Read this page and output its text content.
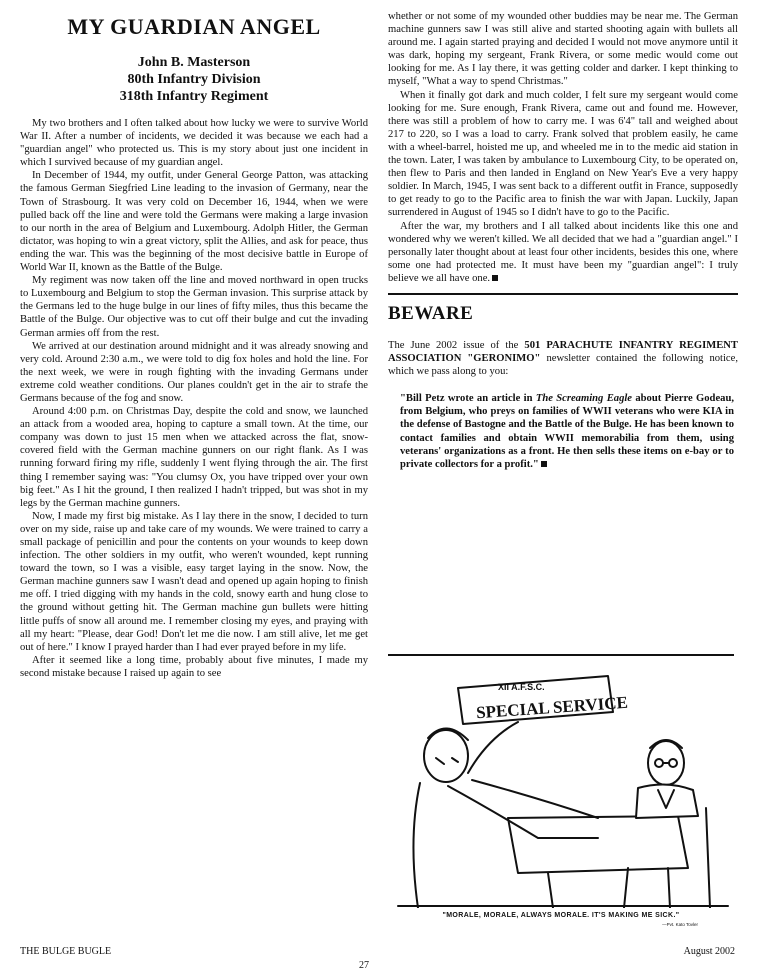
MY GUARDIAN ANGEL
John B. Masterson
80th Infantry Division
318th Infantry Regiment

My two brothers and I often talked about how lucky we were to survive World War II. After a number of incidents, we decided it was because we each had a "guardian angel" who protected us. This is my story about just one incident in which I survived because of my guardian angel.

In December of 1944, my outfit, under General George Patton, was attacking the famous German Siegfried Line leading to the invasion of Germany, near the Town of Strasbourg. It was very cold on December 16, 1944, when we were pulled back off the line and were told the Germans were making a large invasion to our north in the area of Belgium and Luxembourg. Adolph Hitler, the German dictator, was hoping to win a great victory, split the Allies, and ask for peace, thus ending the war. This was the beginning of the most decisive battle in Europe of World War II, known as the Battle of the Bulge.

My regiment was now taken off the line and moved northward in open trucks to Luxembourg and Belgium to stop the German invasion. This surprise attack by the Germans led to the huge bulge in our lines of fifty miles, thus this became the Battle of the Bulge. Our objective was to cut off their bulge and cut the invading German armies off from the rest.

We arrived at our destination around midnight and it was already snowing and very cold. Around 2:30 a.m., we were told to dig fox holes and hold the line. For the next week, we were in rough fighting with the invading Germans under extreme cold weather conditions. Our planes couldn't get in the air to strafe the Germans because of the fog and snow.

Around 4:00 p.m. on Christmas Day, despite the cold and snow, we launched an attack from a wooded area, hoping to capture a small town. At the time, our company was down to just 15 men when we attacked across the flat, snow-covered field with the German machine gunners on our right flank. As I was running forward firing my rifle, suddenly I went flying through the air. The first thing I remember saying was: "You clumsy Ox, you have tripped over your own big feet." As I hit the ground, I then realized I hadn't tripped, but was shot in my legs by the German machine gunners.

Now, I made my first big mistake. As I lay there in the snow, I decided to turn over on my side, raise up and take care of my wounds. We were trained to carry a small package of penicillin and pour the contents on your wounds to keep down infection. The other soldiers in my outfit, who weren't wounded, kept running toward the town, so I was a visible, easy target laying in the snow. Now, the German machine gunners saw I wasn't dead and opened up again hoping to finish me off. I tried digging with my hands in the cold, snowy earth and hung close to the ground without getting hit. The German machine gun bullets were hitting little puffs of snow all around me. I remember closing my eyes, and praying with all my heart: "Please, dear God! Don't let me die now. I am still alive, let me get out of here." I know I prayed harder than I had ever prayed before in my life.

After it seemed like a long time, probably about five minutes, I made my second mistake because I raised up again to see

whether or not some of my wounded other buddies may be near me. The German machine gunners saw I was still alive and started shooting again with bullets all around me. I again started praying and decided I would not move anymore until it was dark, hoping my sergeant, Frank Rivera, or some medic would come out looking for me. As I lay there, it was getting colder and darker. I kept thinking to myself, "What a way to spend Christmas."

When it finally got dark and much colder, I felt sure my sergeant would come looking for me. Sure enough, Frank Rivera, came out and found me. However, there was still a problem of how to carry me. I was 6'4" tall and weighed about 217 to 220, so I was a load to carry. Frank solved that problem easily, he came with a wheel-barrel, hoisted me up, and wheeled me in to the medic aid station in the town. Later, I was taken by ambulance to Luxembourg City, to be operated on, then flew to Paris and then landed in England on New Year's Eve a very happy soldier. In March, 1945, I was sent back to a different outfit in France, supposedly to get ready to go to the Pacific area to finish the war with Japan. Luckily, Japan surrendered in August of 1945 so I didn't have to go to the Pacific.

After the war, my brothers and I all talked about incidents like this one and wondered why we weren't killed. We all decided that we had a "guardian angel." I personally later thought about at least four other incidents, besides this one, where some one had protected me. It must have been my "guardian angel": I truly believe we all have one.

BEWARE

The June 2002 issue of the 501 PARACHUTE INFANTRY REGIMENT ASSOCIATION "GERONIMO" newsletter contained the following notice, which we pass along to you:

"Bill Petz wrote an article in The Screaming Eagle about Pierre Godeau, from Belgium, who preys on families of WWII veterans who were KIA in the defense of Bastogne and the Battle of the Bulge. He has been known to contact families and obtain WWII memorabilia from them, using veterans' organizations as a front. He then sells these items on e-bay or to private collectors for a profit."

XII A.F.S.C.
SPECIAL SERVICE
"MORALE, MORALE, ALWAYS MORALE. IT'S MAKING ME SICK."
—Pvt. Kato Tovler
THE BULGE BUGLE
27
August 2002
